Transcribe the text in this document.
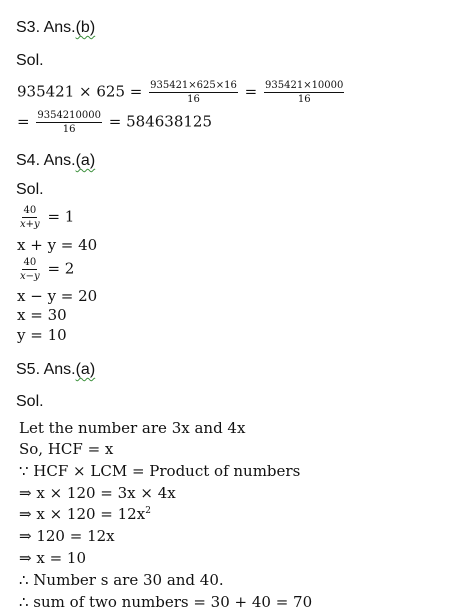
S3. Ans.(b)
Sol.
$935421 \times 625 = \frac{935421\times 625\times 16}{16} = \frac{935421\times 10000}{16}$
= $\frac{9354210000}{16} = 584638125$
S4. Ans.(a)
Sol.
$\frac{40}{x+y} = 1$
x + y = 40
$\frac{40}{x-y} = 2$
x − y = 20
x = 30
y = 10
S5. Ans.(a)
Sol.
Let the number are 3x and 4x
So, HCF = x
∵ HCF × LCM = Product of numbers
⇒ x × 120 = 3x × 4x
⇒ $x \times 120 = 12x^2$
⇒ 120 = 12x
⇒ x = 10
∴ Number s are 30 and 40.
∴ sum of two numbers = 30 + 40 = 70
